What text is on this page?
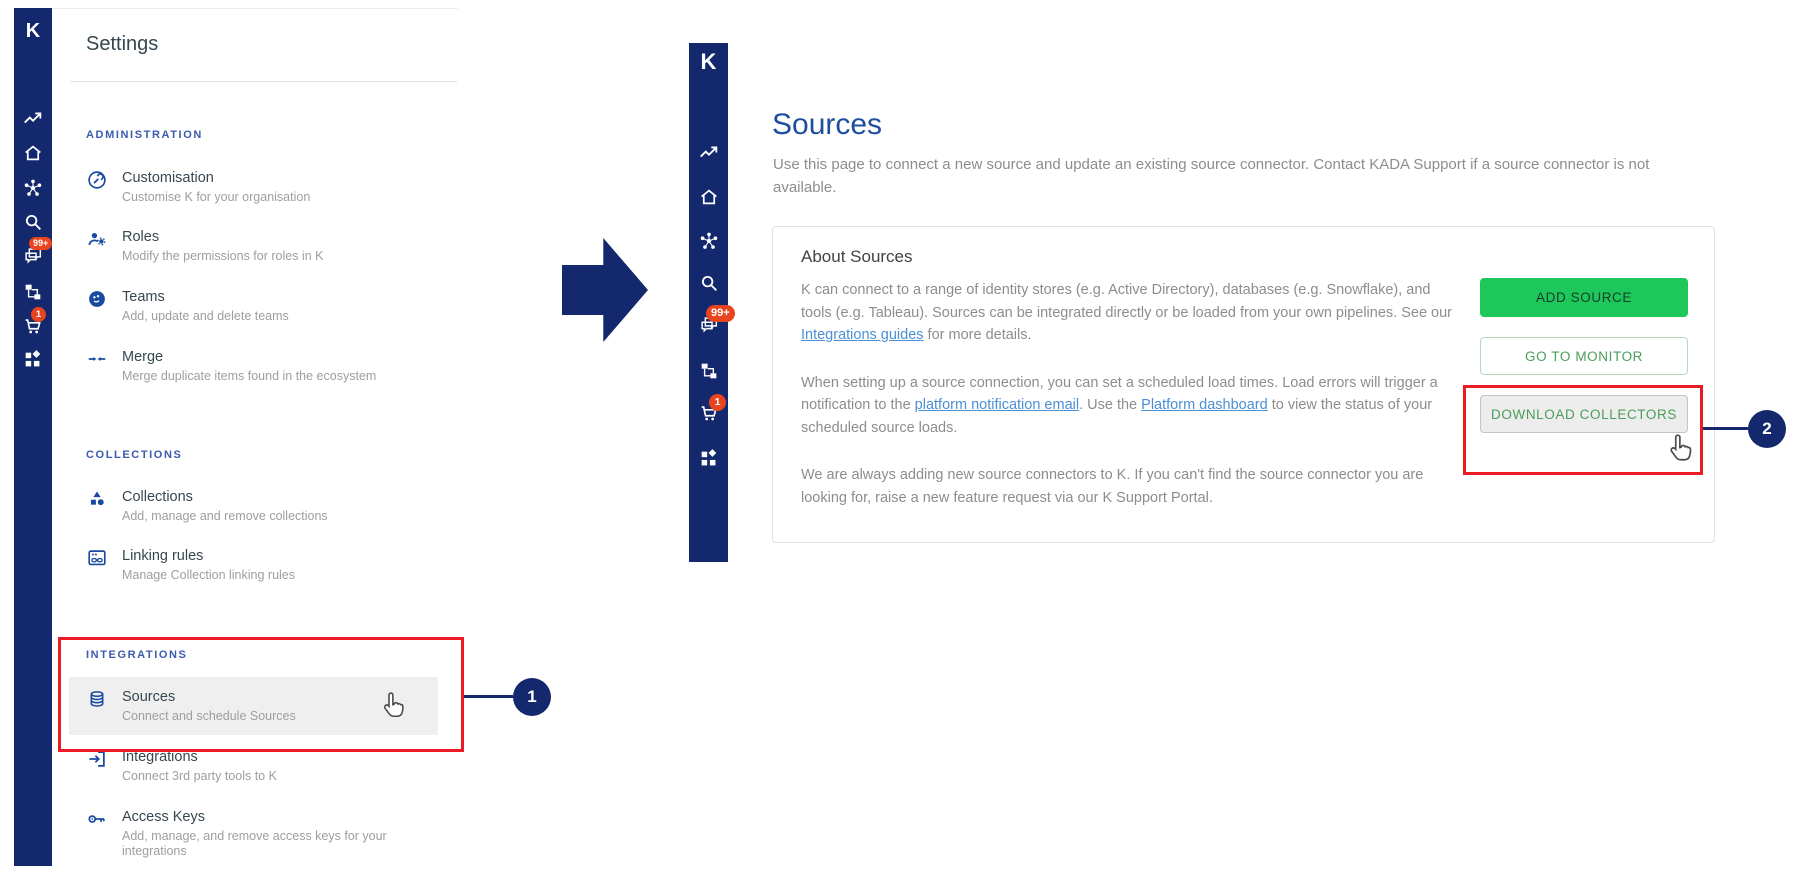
K
99+
1
Settings
ADMINISTRATION
Customisation
Customise K for your organisation
Roles
Modify the permissions for roles in K
Teams
Add, update and delete teams
Merge
Merge duplicate items found in the ecosystem
COLLECTIONS
Collections
Add, manage and remove collections
Linking rules
Manage Collection linking rules
INTEGRATIONS
Sources
Connect and schedule Sources
Integrations
Connect 3rd party tools to K
Access Keys
Add, manage, and remove access keys for your integrations
K
99+
1
Sources
Use this page to connect a new source and update an existing source connector. Contact KADA Support if a source connector is not available.
About Sources

K can connect to a range of identity stores (e.g. Active Directory), databases (e.g. Snowflake), and tools (e.g. Tableau). Sources can be integrated directly or be loaded from your own pipelines. See our Integrations guides for more details.

When setting up a source connection, you can set a scheduled load times. Load errors will trigger a notification to the platform notification email. Use the Platform dashboard to view the status of your scheduled source loads.

We are always adding new source connectors to K. If you can't find the source connector you are looking for, raise a new feature request via our K Support Portal.

ADD SOURCE
GO TO MONITOR
DOWNLOAD COLLECTORS
1
2
